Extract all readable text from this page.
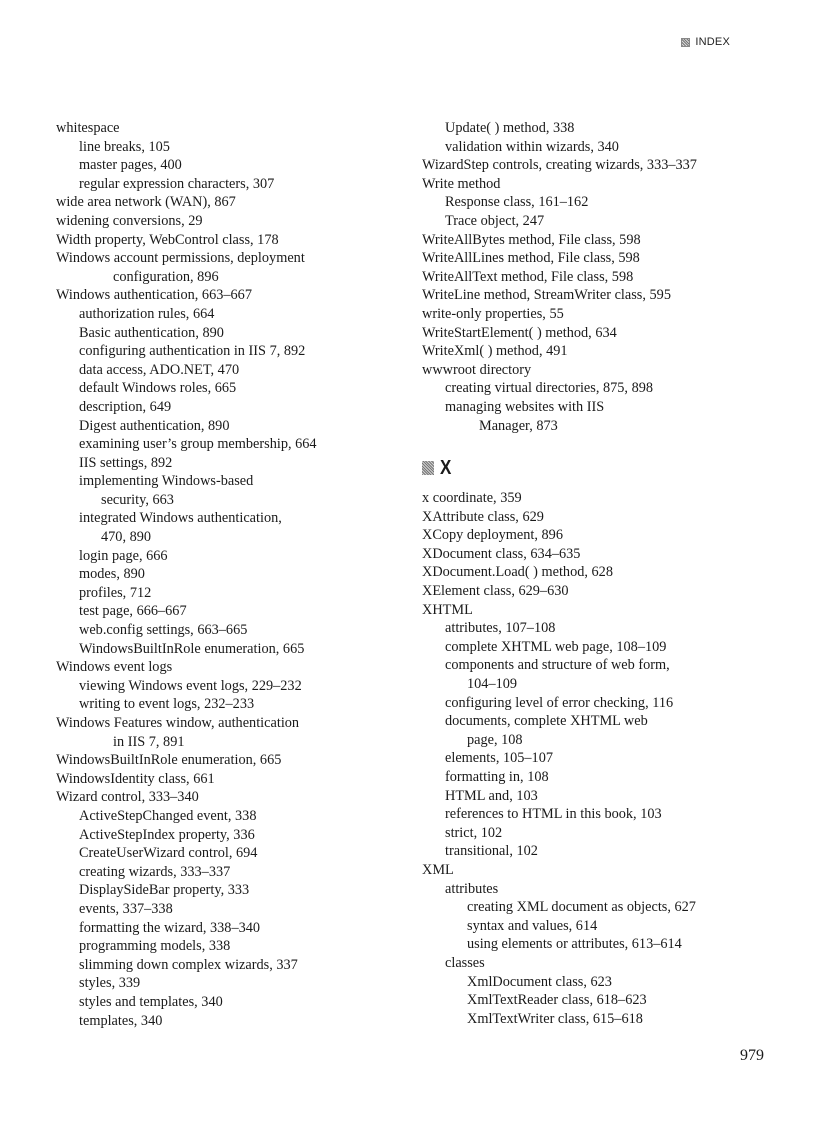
INDEX
whitespace
line breaks, 105
master pages, 400
regular expression characters, 307
wide area network (WAN), 867
widening conversions, 29
Width property, WebControl class, 178
Windows account permissions, deployment
configuration, 896
Windows authentication, 663–667
authorization rules, 664
Basic authentication, 890
configuring authentication in IIS 7, 892
data access, ADO.NET, 470
default Windows roles, 665
description, 649
Digest authentication, 890
examining user’s group membership, 664
IIS settings, 892
implementing Windows-based
security, 663
integrated Windows authentication,
470, 890
login page, 666
modes, 890
profiles, 712
test page, 666–667
web.config settings, 663–665
WindowsBuiltInRole enumeration, 665
Windows event logs
viewing Windows event logs, 229–232
writing to event logs, 232–233
Windows Features window, authentication
in IIS 7, 891
WindowsBuiltInRole enumeration, 665
WindowsIdentity class, 661
Wizard control, 333–340
ActiveStepChanged event, 338
ActiveStepIndex property, 336
CreateUserWizard control, 694
creating wizards, 333–337
DisplaySideBar property, 333
events, 337–338
formatting the wizard, 338–340
programming models, 338
slimming down complex wizards, 337
styles, 339
styles and templates, 340
templates, 340
Update( ) method, 338
validation within wizards, 340
WizardStep controls, creating wizards, 333–337
Write method
Response class, 161–162
Trace object, 247
WriteAllBytes method, File class, 598
WriteAllLines method, File class, 598
WriteAllText method, File class, 598
WriteLine method, StreamWriter class, 595
write-only properties, 55
WriteStartElement( ) method, 634
WriteXml( ) method, 491
wwwroot directory
creating virtual directories, 875, 898
managing websites with IIS
Manager, 873
X
x coordinate, 359
XAttribute class, 629
XCopy deployment, 896
XDocument class, 634–635
XDocument.Load( ) method, 628
XElement class, 629–630
XHTML
attributes, 107–108
complete XHTML web page, 108–109
components and structure of web form,
104–109
configuring level of error checking, 116
documents, complete XHTML web
page, 108
elements, 105–107
formatting in, 108
HTML and, 103
references to HTML in this book, 103
strict, 102
transitional, 102
XML
attributes
creating XML document as objects, 627
syntax and values, 614
using elements or attributes, 613–614
classes
XmlDocument class, 623
XmlTextReader class, 618–623
XmlTextWriter class, 615–618
979
